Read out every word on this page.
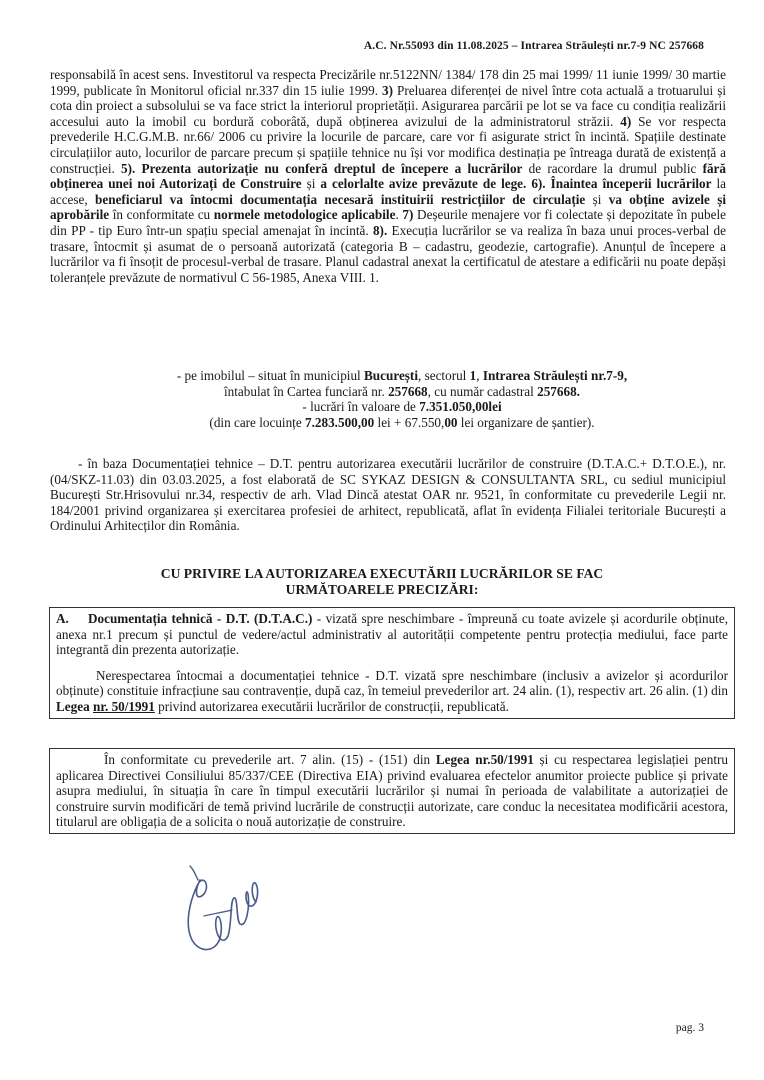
A.C. Nr.55093 din 11.08.2025 – Intrarea Străulești nr.7-9 NC 257668
responsabilă în acest sens. Investitorul va respecta Precizările nr.5122NN/ 1384/ 178 din 25 mai 1999/ 11 iunie 1999/ 30 martie 1999, publicate în Monitorul oficial nr.337 din 15 iulie 1999. 3) Preluarea diferenței de nivel între cota actuală a trotuarului și cota din proiect a subsolului se va face strict la interiorul proprietății. Asigurarea parcării pe lot se va face cu condiția realizării accesului auto la imobil cu bordură coborâtă, după obținerea avizului de la administratorul străzii. 4) Se vor respecta prevederile H.C.G.M.B. nr.66/ 2006 cu privire la locurile de parcare, care vor fi asigurate strict în incintă. Spațiile destinate circulațiilor auto, locurilor de parcare precum și spațiile tehnice nu își vor modifica destinația pe întreaga durată de existență a construcției. 5). Prezenta autorizație nu conferă dreptul de începere a lucrărilor de racordare la drumul public fără obținerea unei noi Autorizați de Construire și a celorlalte avize prevăzute de lege. 6). Înaintea începerii lucrărilor la accese, beneficiarul va întocmi documentația necesară instituirii restricțiilor de circulație și va obține avizele și aprobările în conformitate cu normele metodologice aplicabile. 7) Deșeurile menajere vor fi colectate și depozitate în pubele din PP - tip Euro într-un spațiu special amenajat în incintă. 8). Execuția lucrărilor se va realiza în baza unui proces-verbal de trasare, întocmit și asumat de o persoană autorizată (categoria B – cadastru, geodezie, cartografie). Anunțul de începere a lucrărilor va fi însoțit de procesul-verbal de trasare. Planul cadastral anexat la certificatul de atestare a edificării nu poate depăși toleranțele prevăzute de normativul C 56-1985, Anexa VIII. 1.
- pe imobilul – situat în municipiul București, sectorul 1, Intrarea Străulești nr.7-9,
întabulat în Cartea funciară nr. 257668, cu număr cadastral 257668.
- lucrări în valoare de 7.351.050,00lei
(din care locuințe 7.283.500,00 lei + 67.550,00 lei organizare de șantier).
- în baza Documentației tehnice – D.T. pentru autorizarea executării lucrărilor de construire (D.T.A.C.+ D.T.O.E.), nr.(04/SKZ-11.03) din 03.03.2025, a fost elaborată de SC SYKAZ DESIGN & CONSULTANTA SRL, cu sediul municipiul București Str.Hrisovului nr.34, respectiv de arh. Vlad Dincă atestat OAR nr. 9521, în conformitate cu prevederile Legii nr. 184/2001 privind organizarea și exercitarea profesiei de arhitect, republicată, aflat în evidența Filialei teritoriale București a Ordinului Arhitecților din România.
CU PRIVIRE LA AUTORIZAREA EXECUTĂRII LUCRĂRILOR SE FAC
URMĂTOARELE PRECIZĂRI:

A. Documentația tehnică - D.T. (D.T.A.C.) - vizată spre neschimbare - împreună cu toate avizele și acordurile obținute, anexa nr.1 precum și punctul de vedere/actul administrativ al autorității competente pentru protecția mediului, face parte integrantă din prezenta autorizație.

Nerespectarea întocmai a documentației tehnice - D.T. vizată spre neschimbare (inclusiv a avizelor și acordurilor obținute) constituie infracțiune sau contravenție, după caz, în temeiul prevederilor art. 24 alin. (1), respectiv art. 26 alin. (1) din Legea nr. 50/1991 privind autorizarea executării lucrărilor de construcții, republicată.

În conformitate cu prevederile art. 7 alin. (15) - (151) din Legea nr.50/1991 și cu respectarea legislației pentru aplicarea Directivei Consiliului 85/337/CEE (Directiva EIA) privind evaluarea efectelor anumitor proiecte publice și private asupra mediului, în situația în care în timpul executării lucrărilor și numai în perioada de valabilitate a autorizației de construire survin modificări de temă privind lucrările de construcții autorizate, care conduc la necesitatea modificării acestora, titularul are obligația de a solicita o nouă autorizație de construire.

pag. 3
